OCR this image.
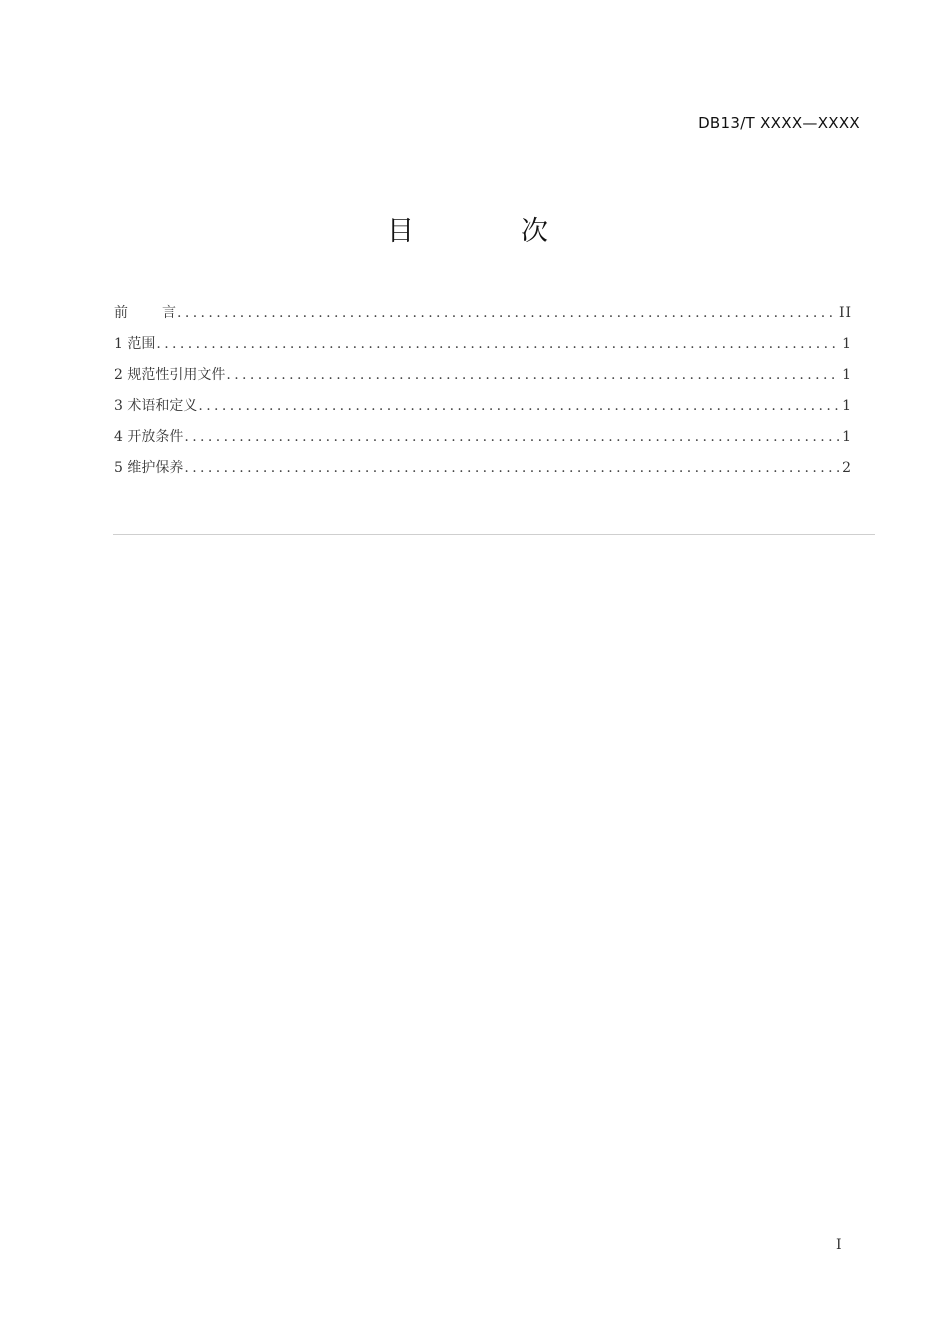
DB13/T XXXX—XXXX
目　次
前言 .....	II
1 范围 .....	1
2 规范性引用文件 .....	1
3 术语和定义 .....	1
4 开放条件 .....	1
5 维护保养 .....	2
I
